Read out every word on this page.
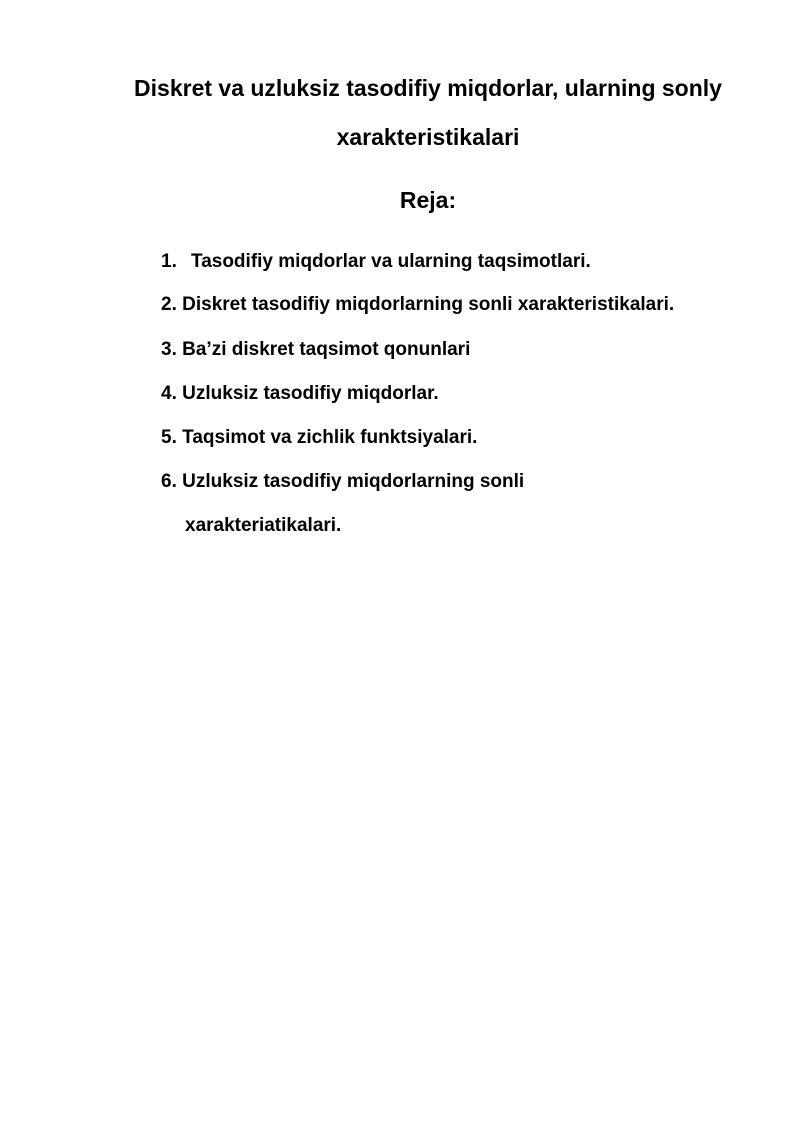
Diskret va uzluksiz tasodifiy miqdorlar, ularning sonly
xarakteristikalari
Reja:
1. Tasodifiy miqdorlar va ularning taqsimotlari.
2. Diskret tasodifiy miqdorlarning sonli xarakteristikalari.
3. Ba’zi diskret taqsimot qonunlari
4. Uzluksiz tasodifiy miqdorlar.
5. Taqsimot va zichlik funktsiyalari.
6. Uzluksiz tasodifiy miqdorlarning sonli
xarakteriatikalari.
